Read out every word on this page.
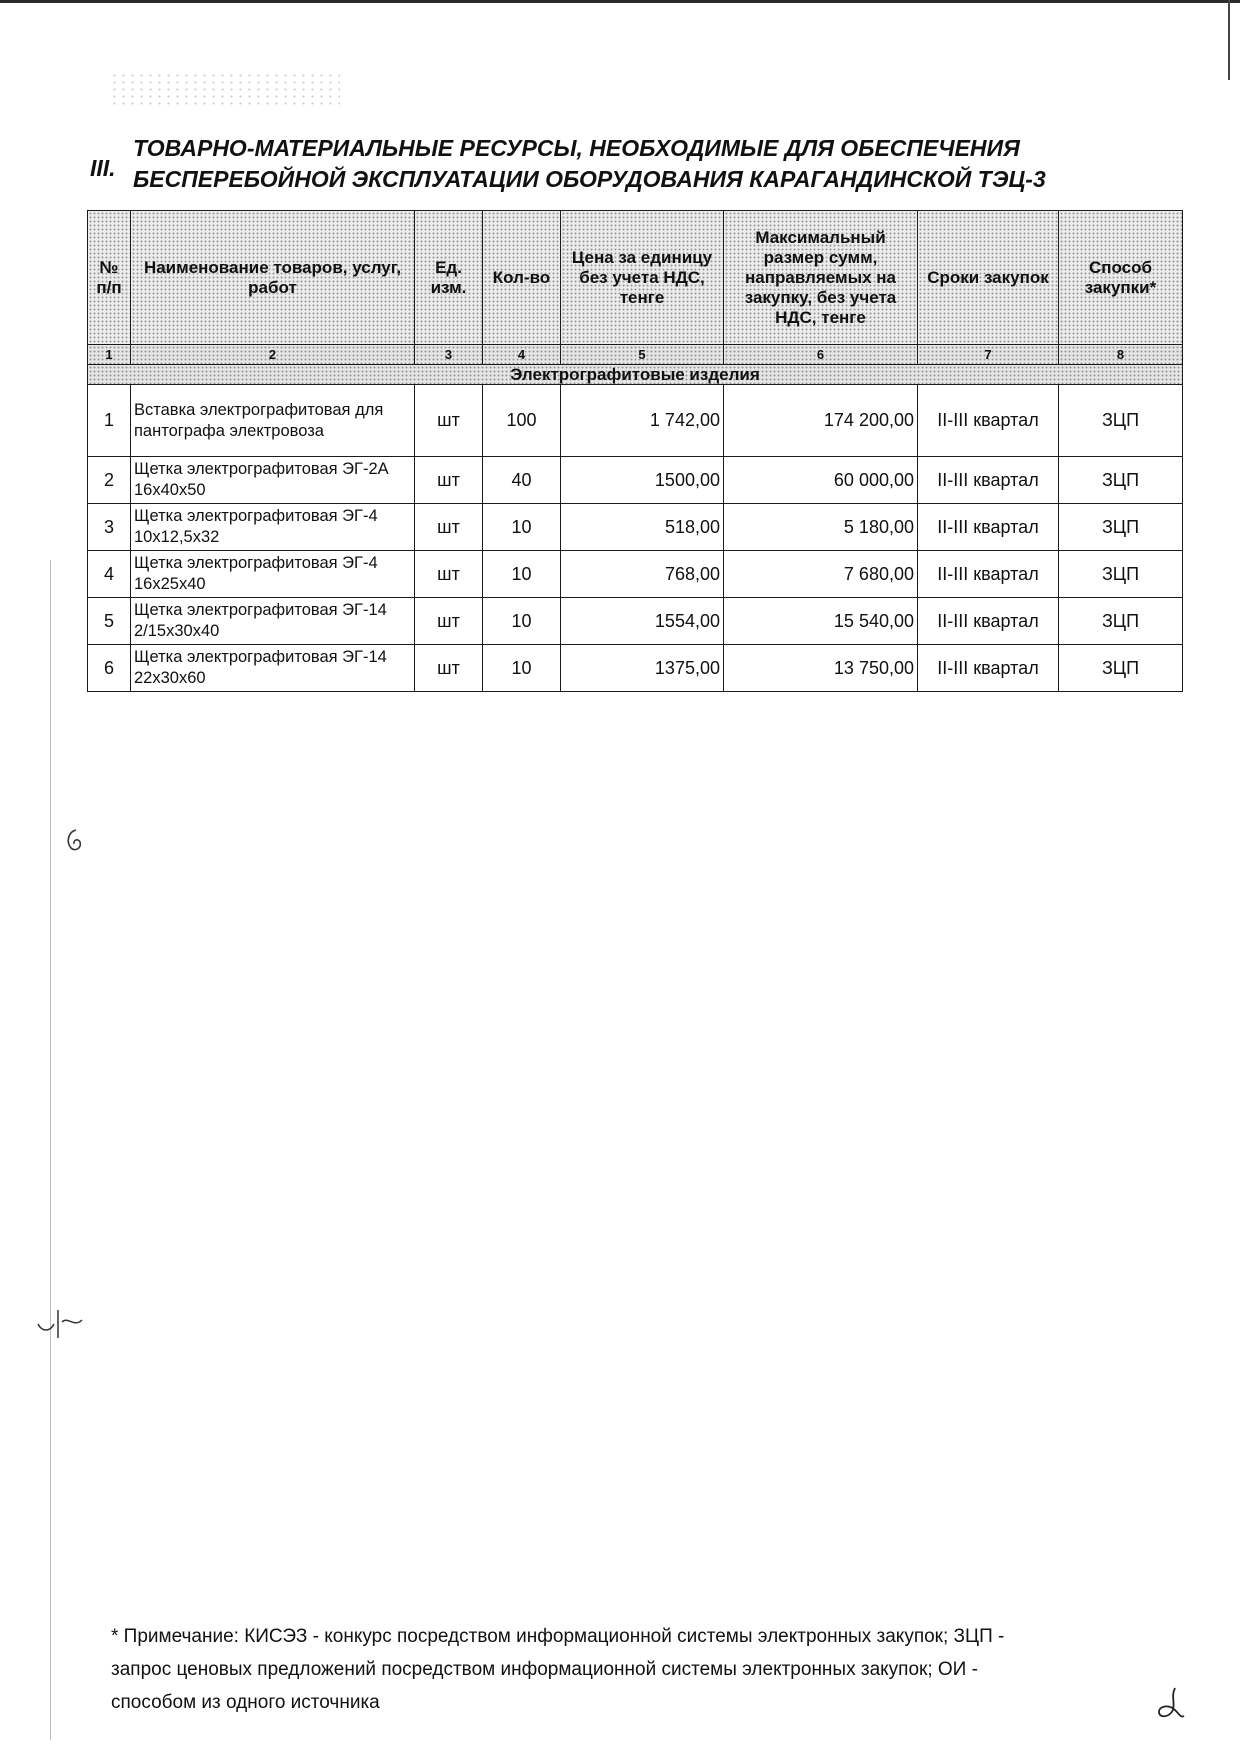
III.
ТОВАРНО-МАТЕРИАЛЬНЫЕ РЕСУРСЫ, НЕОБХОДИМЫЕ ДЛЯ ОБЕСПЕЧЕНИЯ
БЕСПЕРЕБОЙНОЙ ЭКСПЛУАТАЦИИ ОБОРУДОВАНИЯ КАРАГАНДИНСКОЙ ТЭЦ-3
№ п/п	Наименование товаров, услуг, работ	Ед. изм.	Кол-во	Цена за единицу без учета НДС, тенге	Максимальный размер сумм, направляемых на закупку, без учета НДС, тенге	Сроки закупок	Способ закупки*
1	2	3	4	5	6	7	8
Электрографитовые изделия							
1	Вставка электрографитовая для пантографа электровоза	шт	100	1 742,00	174 200,00	II-III квартал	ЗЦП
2	Щетка электрографитовая ЭГ-2А 16х40х50	шт	40	1500,00	60 000,00	II-III квартал	ЗЦП
3	Щетка электрографитовая ЭГ-4 10х12,5х32	шт	10	518,00	5 180,00	II-III квартал	ЗЦП
4	Щетка электрографитовая ЭГ-4 16х25х40	шт	10	768,00	7 680,00	II-III квартал	ЗЦП
5	Щетка электрографитовая ЭГ-14 2/15х30х40	шт	10	1554,00	15 540,00	II-III квартал	ЗЦП
6	Щетка электрографитовая ЭГ-14 22х30х60	шт	10	1375,00	13 750,00	II-III квартал	ЗЦП
* Примечание: КИСЭЗ - конкурс посредством информационной системы электронных закупок; ЗЦП -
запрос ценовых предложений посредством информационной системы электронных закупок; ОИ -
способом из одного источника
